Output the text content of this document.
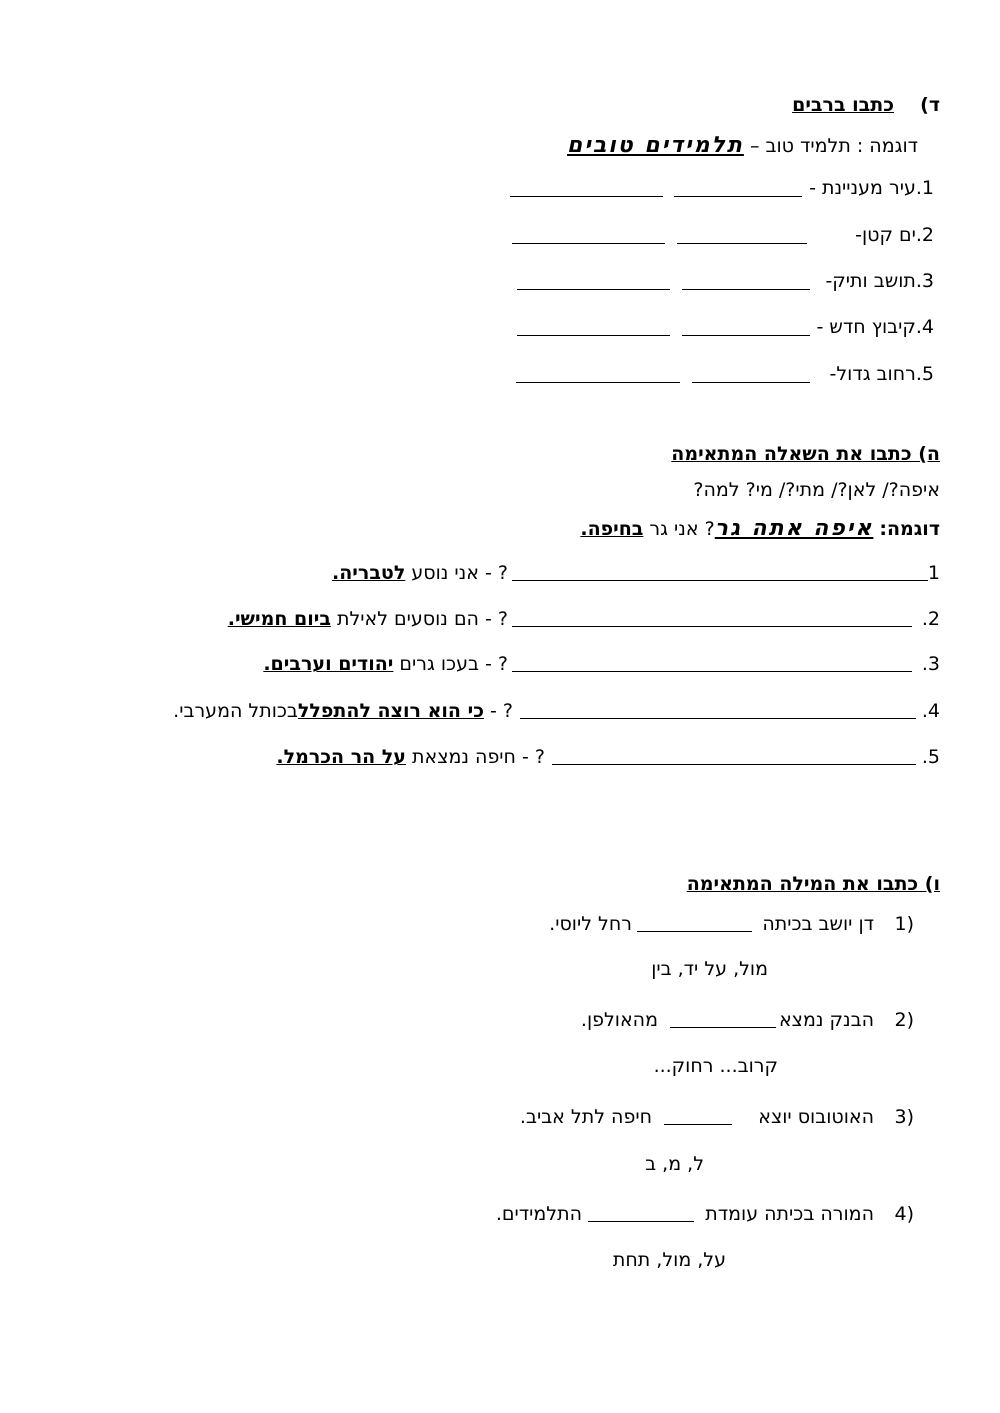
ד)
כתבו ברבים
דוגמה : תלמיד טוב – תלמידים טובים
1.עיר מעניינת -
2.ים קטן-
3.תושב ותיק-
4.קיבוץ חדש -
5.רחוב גדול-
ה) כתבו את השאלה המתאימה
איפה?/ לאן?/ מתי?/ מי? למה?
דוגמה: איפה אתה גר? אני גר בחיפה.
1
? - אני נוסע לטבריה.
.2
? - הם נוסעים לאילת ביום חמישי.
.3
? - בעכו גרים יהודים וערבים.
.4
? - כי הוא רוצה להתפללבכותל המערבי.
.5
? - חיפה נמצאת על הר הכרמל.
ו) כתבו את המילה המתאימה
1)
דן יושב בכיתה
רחל ליוסי.
מול, על יד, בין
2)
הבנק נמצא
מהאולפן.
קרוב... רחוק...
3)
האוטובוס יוצא
חיפה לתל אביב.
ל, מ, ב
4)
המורה בכיתה עומדת
התלמידים.
על, מול, תחת
